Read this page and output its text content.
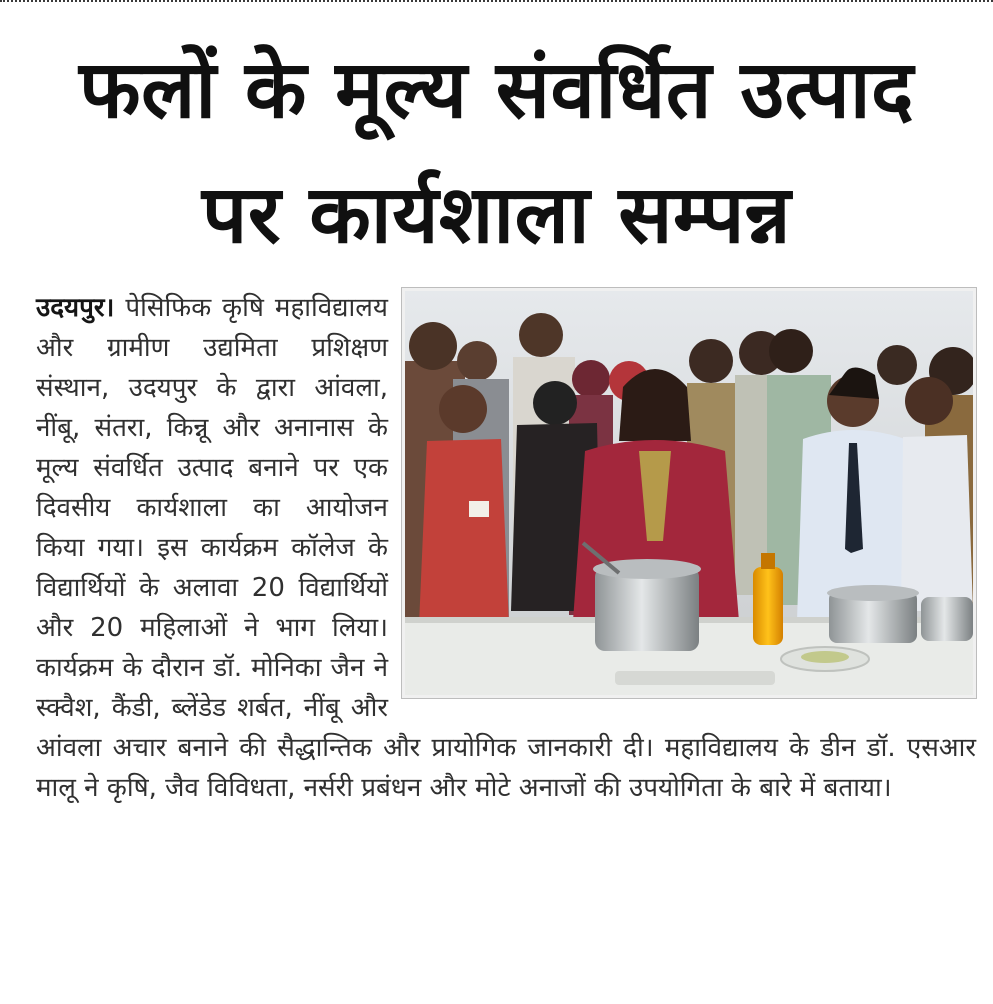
फलों के मूल्य संवर्धित उत्पाद
पर कार्यशाला सम्पन्न
उदयपुर। पेसिफिक कृषि महाविद्यालय और ग्रामीण उद्यमिता प्रशिक्षण संस्थान, उदयपुर के द्वारा आंवला, नींबू, संतरा, किन्नू और अनानास के मूल्य संवर्धित उत्पाद बनाने पर एक दिवसीय कार्यशाला का आयोजन किया गया। इस कार्यक्रम कॉलेज के विद्यार्थियों के अलावा 20 विद्यार्थियों और 20 महिलाओं ने भाग लिया। कार्यक्रम के दौरान डॉ. मोनिका जैन ने स्क्वैश, कैंडी, ब्लेंडेड शर्बत, नींबू और आंवला अचार बनाने की सैद्धान्तिक और प्रायोगिक जानकारी दी। महाविद्यालय के डीन डॉ. एसआर मालू ने कृषि, जैव विविधता, नर्सरी प्रबंधन और मोटे अनाजों की उपयोगिता के बारे में बताया।
